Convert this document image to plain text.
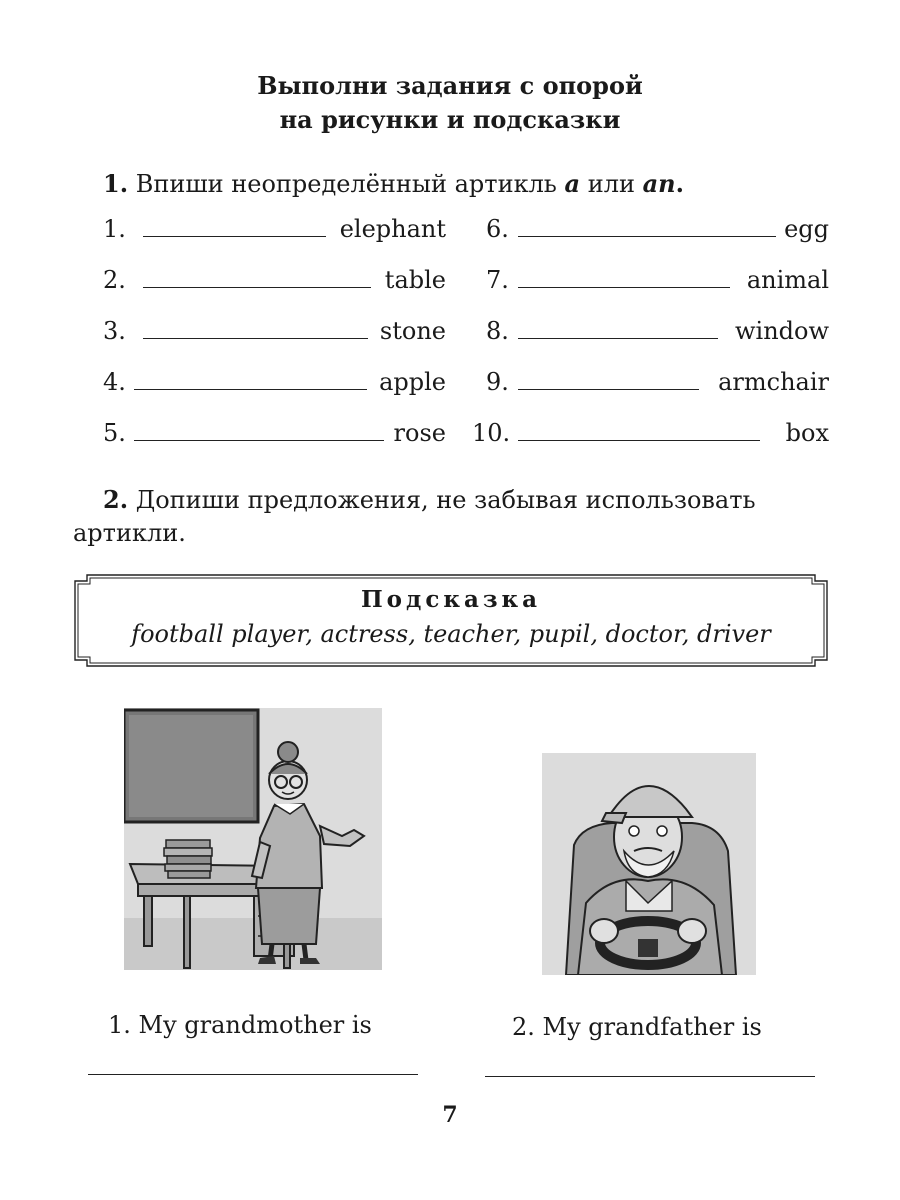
Выполни задания с опорой
на рисунки и подсказки
1. Впиши неопределённый артикль a или an.
1.	elephant
2.	table
3.	stone
4.	apple
5.	rose
6.	egg
7.	animal
8.	window
9.	armchair
10.	box
2. Допиши предложения, не забывая использовать
артикли.
Подсказка
football player, actress, teacher, pupil, doctor, driver
1. My grandmother is	2. My grandfather is
7
